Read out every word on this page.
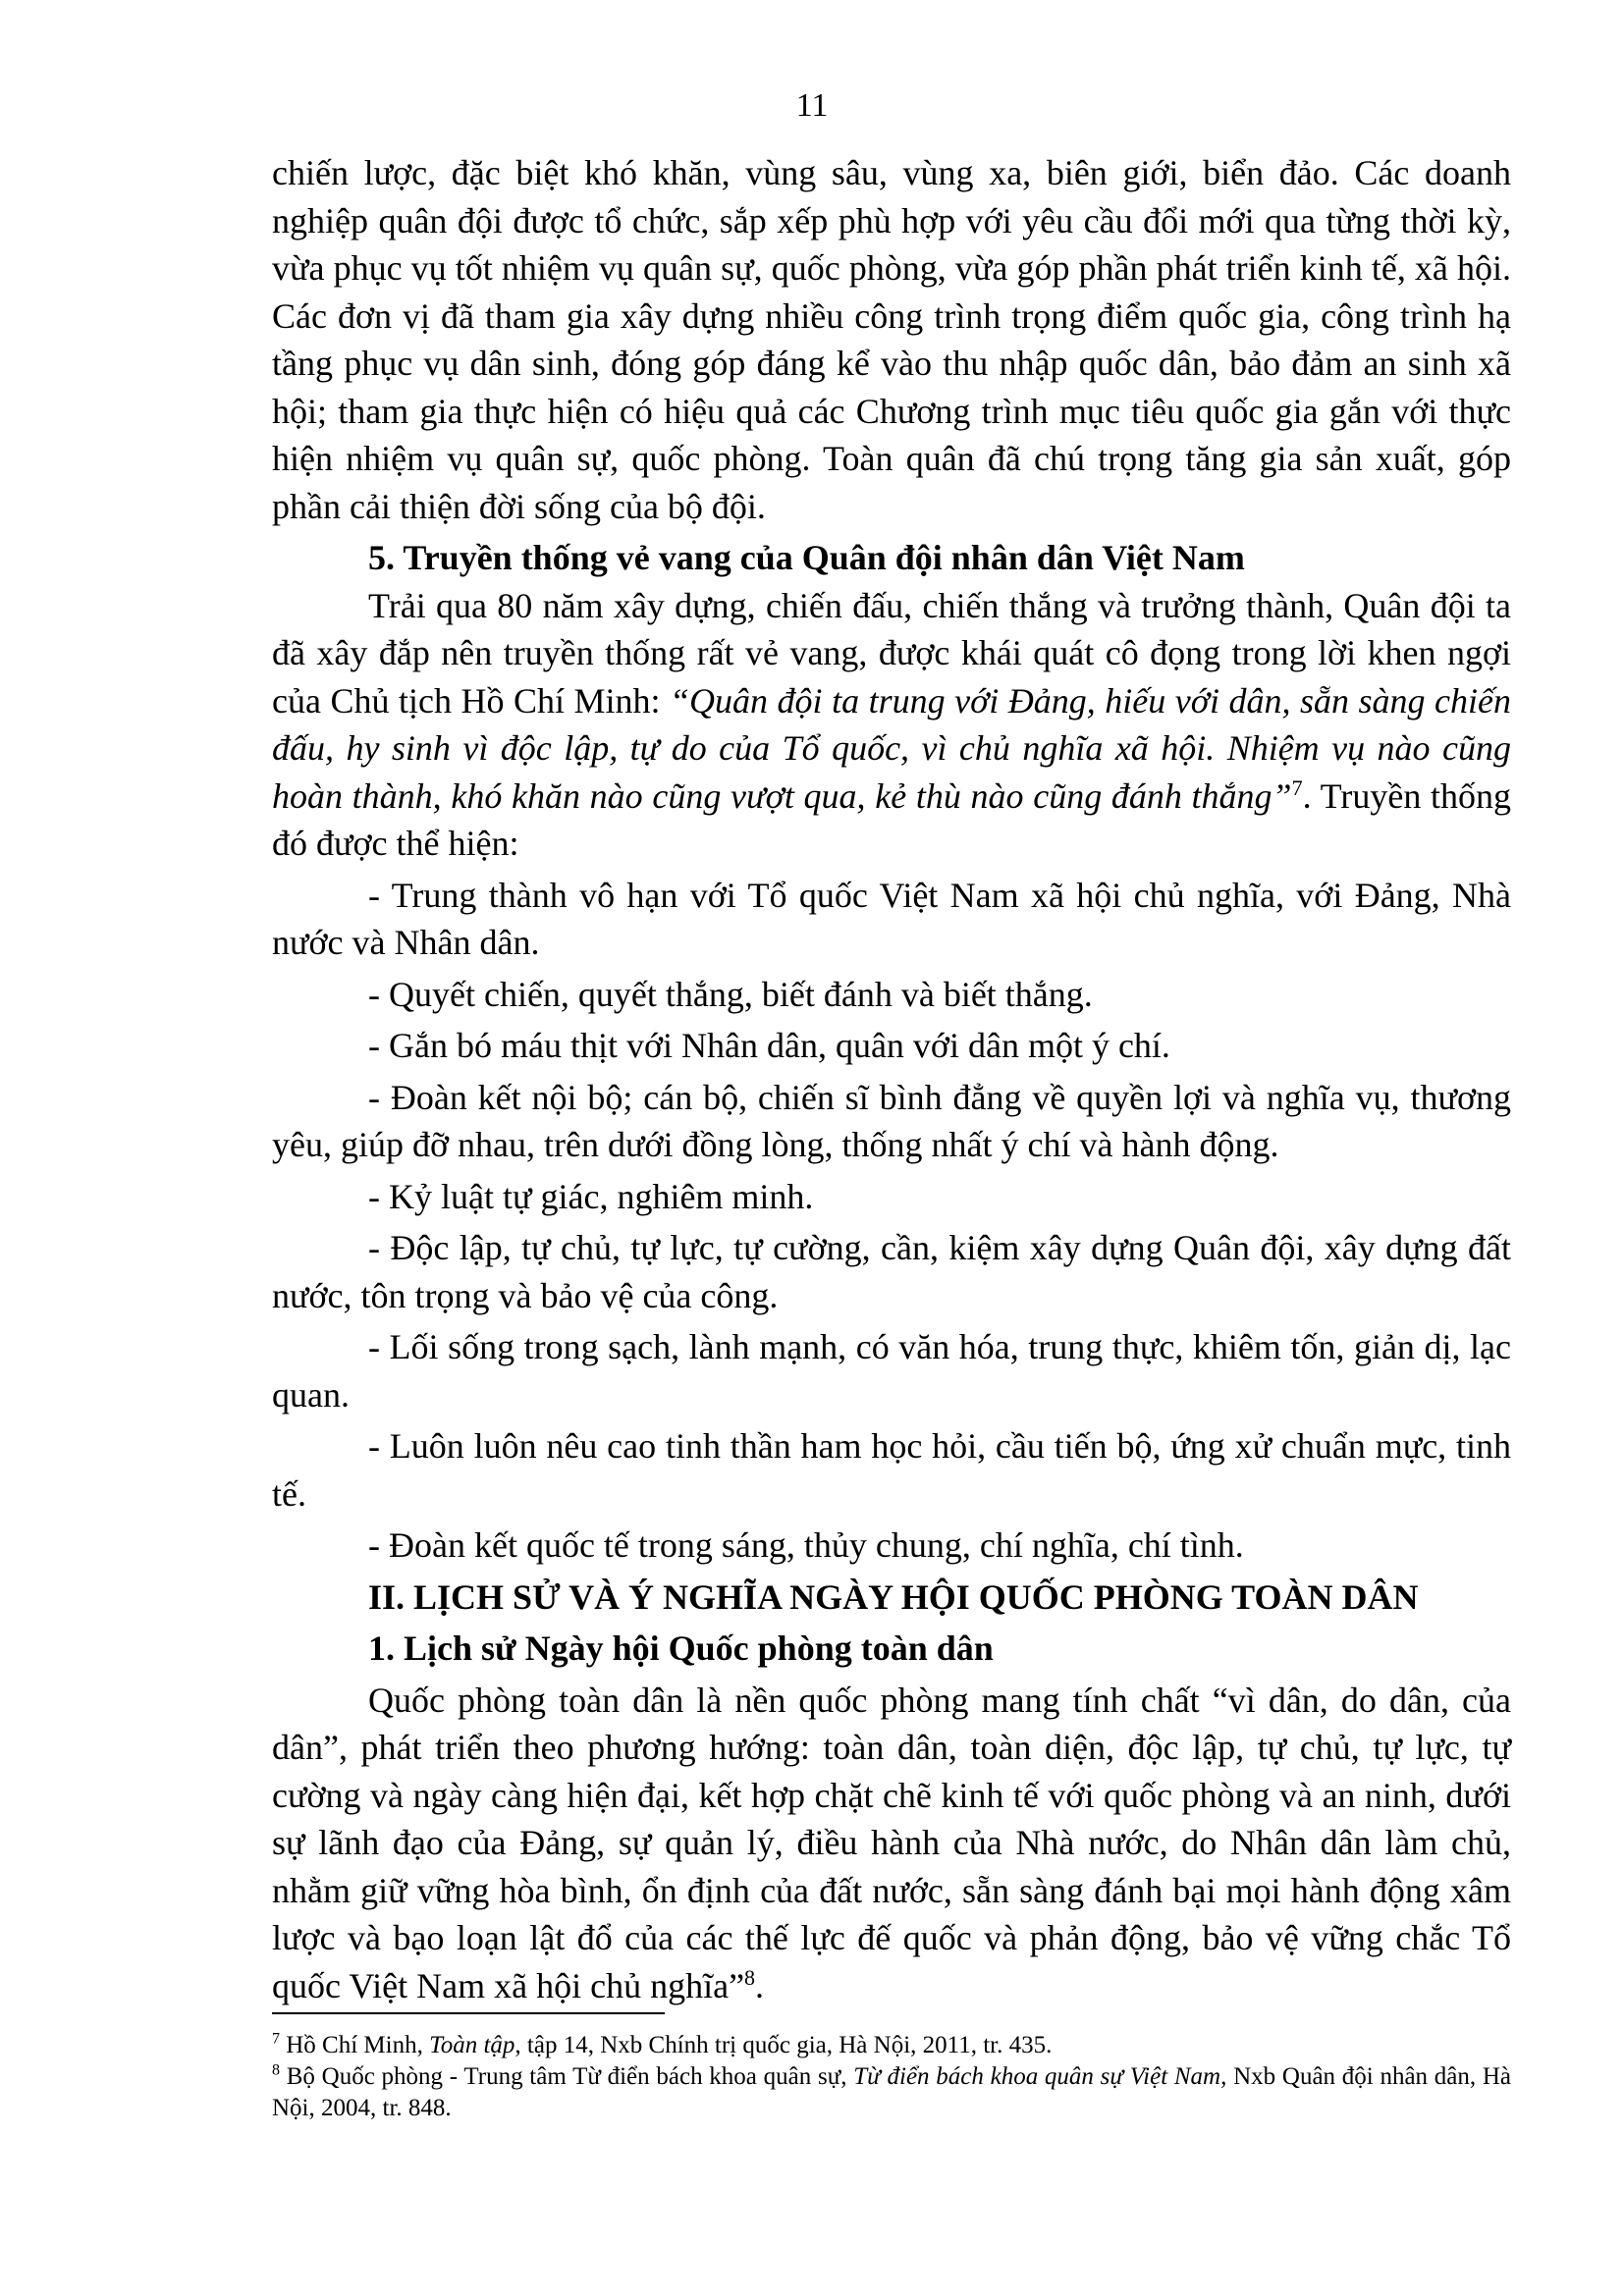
11

chiến lược, đặc biệt khó khăn, vùng sâu, vùng xa, biên giới, biển đảo. Các doanh nghiệp quân đội được tổ chức, sắp xếp phù hợp với yêu cầu đổi mới qua từng thời kỳ, vừa phục vụ tốt nhiệm vụ quân sự, quốc phòng, vừa góp phần phát triển kinh tế, xã hội. Các đơn vị đã tham gia xây dựng nhiều công trình trọng điểm quốc gia, công trình hạ tầng phục vụ dân sinh, đóng góp đáng kể vào thu nhập quốc dân, bảo đảm an sinh xã hội; tham gia thực hiện có hiệu quả các Chương trình mục tiêu quốc gia gắn với thực hiện nhiệm vụ quân sự, quốc phòng. Toàn quân đã chú trọng tăng gia sản xuất, góp phần cải thiện đời sống của bộ đội.

5. Truyền thống vẻ vang của Quân đội nhân dân Việt Nam

Trải qua 80 năm xây dựng, chiến đấu, chiến thắng và trưởng thành, Quân đội ta đã xây đắp nên truyền thống rất vẻ vang, được khái quát cô đọng trong lời khen ngợi của Chủ tịch Hồ Chí Minh: “Quân đội ta trung với Đảng, hiếu với dân, sẵn sàng chiến đấu, hy sinh vì độc lập, tự do của Tổ quốc, vì chủ nghĩa xã hội. Nhiệm vụ nào cũng hoàn thành, khó khăn nào cũng vượt qua, kẻ thù nào cũng đánh thắng”$^7$. Truyền thống đó được thể hiện:

- Trung thành vô hạn với Tổ quốc Việt Nam xã hội chủ nghĩa, với Đảng, Nhà nước và Nhân dân.

- Quyết chiến, quyết thắng, biết đánh và biết thắng.

- Gắn bó máu thịt với Nhân dân, quân với dân một ý chí.

- Đoàn kết nội bộ; cán bộ, chiến sĩ bình đẳng về quyền lợi và nghĩa vụ, thương yêu, giúp đỡ nhau, trên dưới đồng lòng, thống nhất ý chí và hành động.

- Kỷ luật tự giác, nghiêm minh.

- Độc lập, tự chủ, tự lực, tự cường, cần, kiệm xây dựng Quân đội, xây dựng đất nước, tôn trọng và bảo vệ của công.

- Lối sống trong sạch, lành mạnh, có văn hóa, trung thực, khiêm tốn, giản dị, lạc quan.

- Luôn luôn nêu cao tinh thần ham học hỏi, cầu tiến bộ, ứng xử chuẩn mực, tinh tế.

- Đoàn kết quốc tế trong sáng, thủy chung, chí nghĩa, chí tình.

II. LỊCH SỬ VÀ Ý NGHĨA NGÀY HỘI QUỐC PHÒNG TOÀN DÂN

1. Lịch sử Ngày hội Quốc phòng toàn dân

Quốc phòng toàn dân là nền quốc phòng mang tính chất “vì dân, do dân, của dân”, phát triển theo phương hướng: toàn dân, toàn diện, độc lập, tự chủ, tự lực, tự cường và ngày càng hiện đại, kết hợp chặt chẽ kinh tế với quốc phòng và an ninh, dưới sự lãnh đạo của Đảng, sự quản lý, điều hành của Nhà nước, do Nhân dân làm chủ, nhằm giữ vững hòa bình, ổn định của đất nước, sẵn sàng đánh bại mọi hành động xâm lược và bạo loạn lật đổ của các thế lực đế quốc và phản động, bảo vệ vững chắc Tổ quốc Việt Nam xã hội chủ nghĩa”$^8$.

$^7$ Hồ Chí Minh, Toàn tập, tập 14, Nxb Chính trị quốc gia, Hà Nội, 2011, tr. 435.

$^8$ Bộ Quốc phòng - Trung tâm Từ điển bách khoa quân sự, Từ điển bách khoa quân sự Việt Nam, Nxb Quân đội nhân dân, Hà Nội, 2004, tr. 848.
